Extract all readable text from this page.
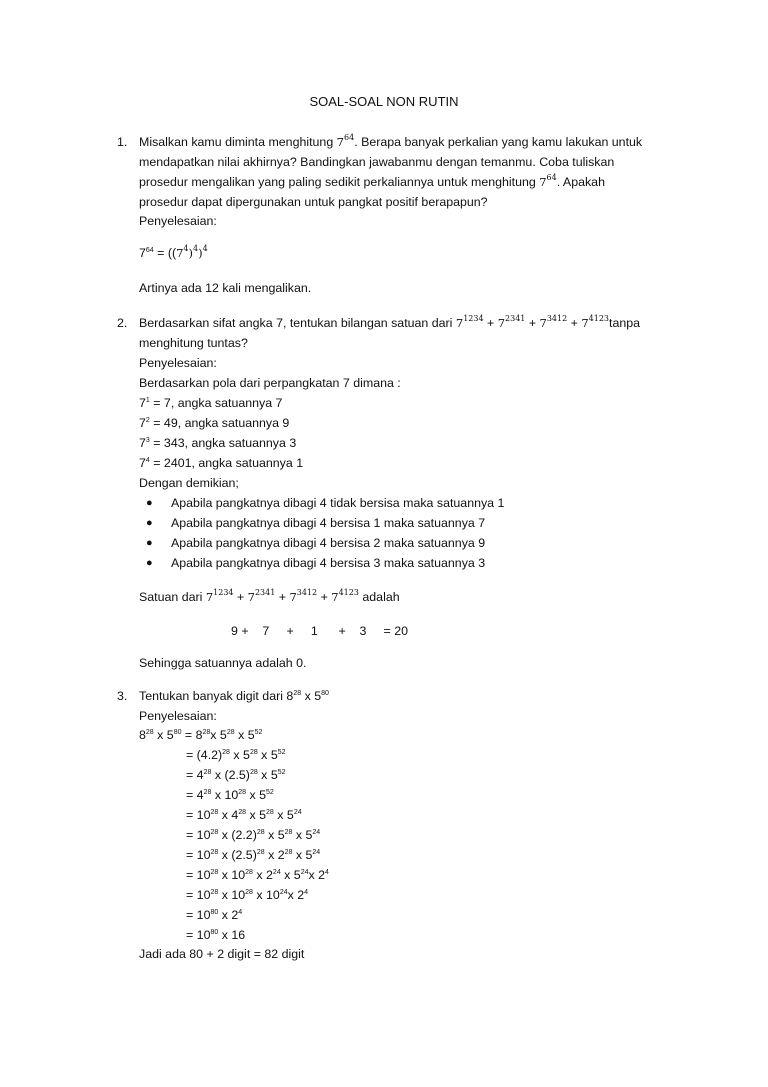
SOAL-SOAL NON RUTIN
1. Misalkan kamu diminta menghitung $7^{64}$. Berapa banyak perkalian yang kamu lakukan untuk
mendapatkan nilai akhirnya? Bandingkan jawabanmu dengan temanmu. Coba tuliskan
prosedur mengalikan yang paling sedikit perkaliannya untuk menghitung $7^{64}$. Apakah
prosedur dapat dipergunakan untuk pangkat positif berapapun?
Penyelesaian:
$7^{64} = ((7^4)^4)^4$
Artinya ada 12 kali mengalikan.
2. Berdasarkan sifat angka 7, tentukan bilangan satuan dari $7^{1234} + 7^{2341} + 7^{3412}$ + $7^{4123}tanpa$
menghitung tuntas?
Penyelesaian:
Berdasarkan pola dari perpangkatan 7 dimana :
$7^1 = 7$, angka satuannya 7
$7^2 = 49$, angka satuannya 9
$7^3 = 343$, angka satuannya 3
$7^4 = 2401$, angka satuannya 1
Dengan demikian;
● Apabila pangkatnya dibagi 4 tidak bersisa maka satuannya 1
● Apabila pangkatnya dibagi 4 bersisa 1 maka satuannya 7
● Apabila pangkatnya dibagi 4 bersisa 2 maka satuannya 9
● Apabila pangkatnya dibagi 4 bersisa 3 maka satuannya 3
Satuan dari $7^{1234} + 7^{2341} + 7^{3412} + 7^{4123}$ adalah
9 +    7     +     1      +    3     = 20
Sehingga satuannya adalah 0.
3. Tentukan banyak digit dari $8^{28}$ x $5^{80}$
Penyelesaian:
$8^{28}$ x $5^{80} = 8^{28}x$ $5^{28}$ x $5^{52}$
= $(4.2)^{28}$ x $5^{28}$ x $5^{52}$
= $4^{28}$ x $(2.5)^{28}$ x $5^{52}$
= $4^{28}$ x $10^{28}$ x $5^{52}$
= $10^{28}$ x $4^{28}$ x $5^{28}$ x $5^{24}$
= $10^{28}$ x $(2.2)^{28}$ x $5^{28}$ x $5^{24}$
= $10^{28}$ x $(2.5)^{28}$ x $2^{28}$ x $5^{24}$
= $10^{28}$ x $10^{28}$ x $2^{24}$ x $5^{24}x$ $2^4$
= $10^{28}$ x $10^{28}$ x $10^{24}x$ $2^4$
= $10^{80}$ x $2^4$
= $10^{80}$ x 16
Jadi ada 80 + 2 digit = 82 digit
